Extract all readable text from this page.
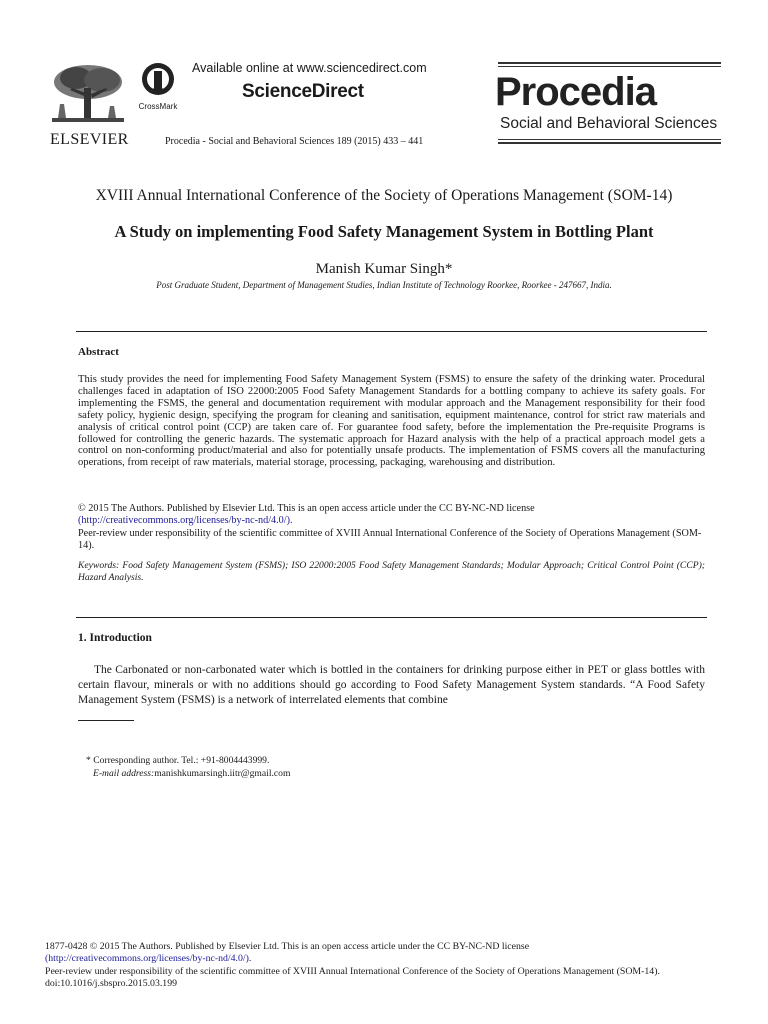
ELSEVIER
CrossMark
Available online at www.sciencedirect.com
ScienceDirect
Procedia - Social and Behavioral Sciences 189 (2015) 433 – 441
Procedia
Social and Behavioral Sciences
XVIII Annual International Conference of the Society of Operations Management (SOM-14)
A Study on implementing Food Safety Management System in Bottling Plant
Manish Kumar Singh*
Post Graduate Student, Department of Management Studies, Indian Institute of Technology Roorkee, Roorkee - 247667, India.
Abstract
This study provides the need for implementing Food Safety Management System (FSMS) to ensure the safety of the drinking water. Procedural challenges faced in adaptation of ISO 22000:2005 Food Safety Management Standards for a bottling company to achieve its safety goals. For implementing the FSMS, the general and documentation requirement with modular approach and the Management responsibility for their food safety policy, hygienic design, specifying the program for cleaning and sanitisation, equipment maintenance, control for strict raw materials and analysis of critical control point (CCP) are taken care of. For guarantee food safety, before the implementation the Pre-requisite Programs is followed for controlling the generic hazards. The systematic approach for Hazard analysis with the help of a practical approach model gets a control on non-conforming product/material and also for potentially unsafe products. The implementation of FSMS covers all the manufacturing operations, from receipt of raw materials, material storage, processing, packaging, warehousing and distribution.
© 2015 The Authors. Published by Elsevier Ltd. This is an open access article under the CC BY-NC-ND license
(http://creativecommons.org/licenses/by-nc-nd/4.0/).
Peer-review under responsibility of the scientific committee of XVIII Annual International Conference of the Society of Operations Management (SOM-14).
Keywords: Food Safety Management System (FSMS); ISO 22000:2005 Food Safety Management Standards; Modular Approach; Critical Control Point (CCP); Hazard Analysis.
1. Introduction
The Carbonated or non-carbonated water which is bottled in the containers for drinking purpose either in PET or glass bottles with certain flavour, minerals or with no additions should go according to Food Safety Management System standards. “A Food Safety Management System (FSMS) is a network of interrelated elements that combine
* Corresponding author. Tel.: +91-8004443999.
E-mail address:manishkumarsingh.iitr@gmail.com
1877-0428 © 2015 The Authors. Published by Elsevier Ltd. This is an open access article under the CC BY-NC-ND license
(http://creativecommons.org/licenses/by-nc-nd/4.0/).
Peer-review under responsibility of the scientific committee of XVIII Annual International Conference of the Society of Operations Management (SOM-14).
doi:10.1016/j.sbspro.2015.03.199
